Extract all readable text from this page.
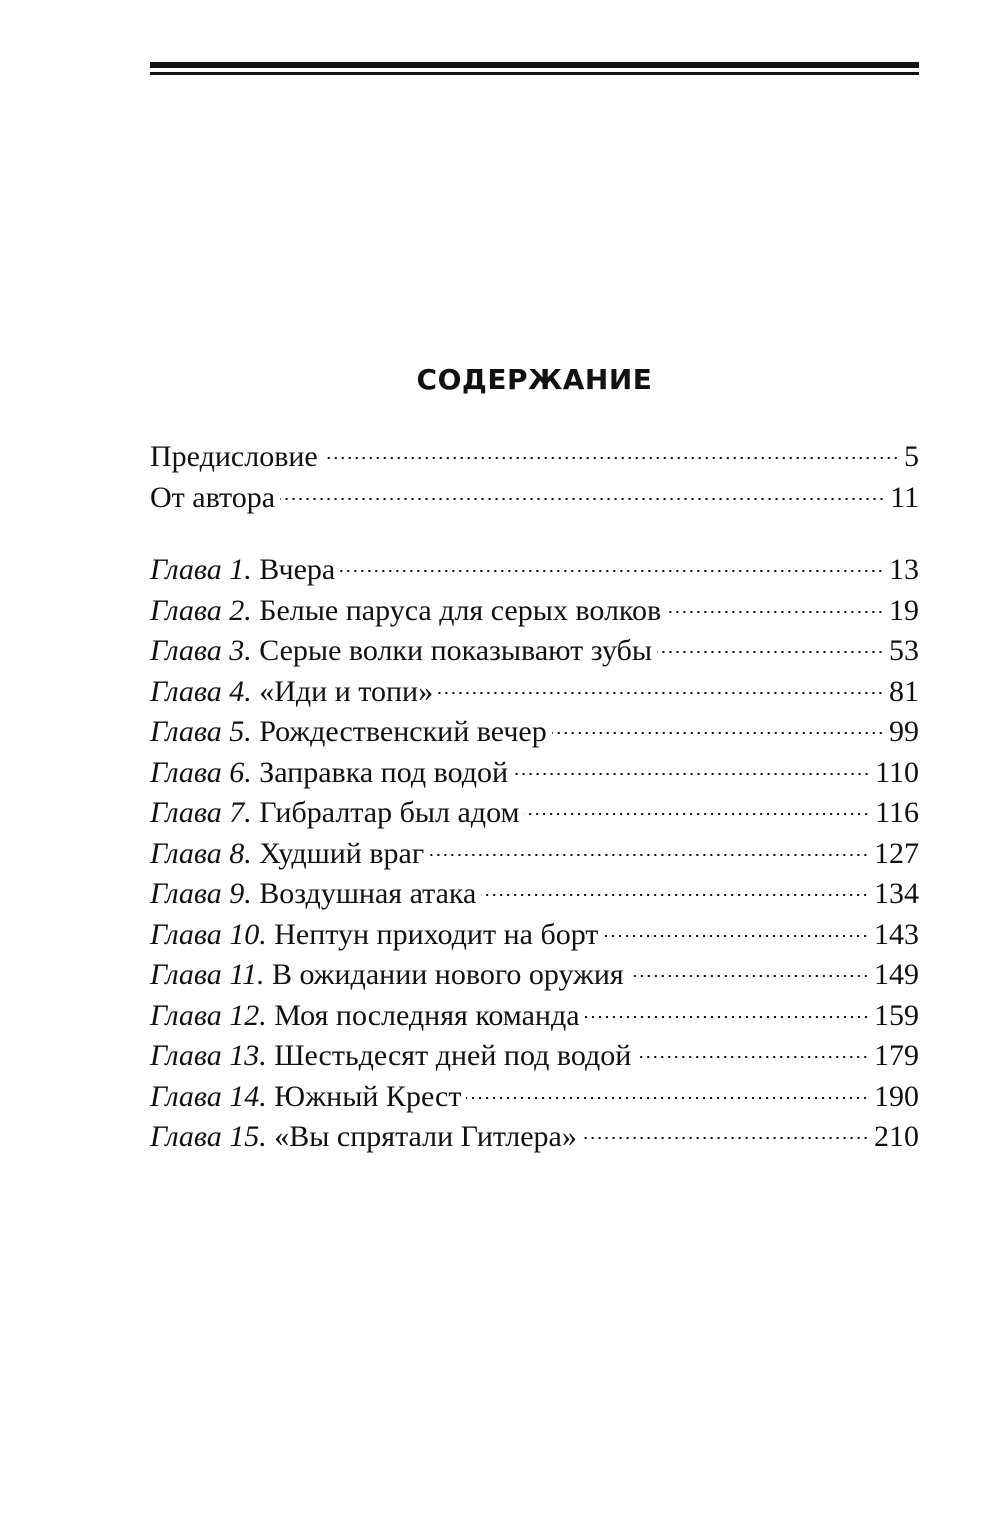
СОДЕРЖАНИЕ
Предисловие	5
От автора	11
Глава 1. Вчера	13
Глава 2. Белые паруса для серых волков	19
Глава 3. Серые волки показывают зубы	53
Глава 4. «Иди и топи»	81
Глава 5. Рождественский вечер	99
Глава 6. Заправка под водой	110
Глава 7. Гибралтар был адом	116
Глава 8. Худший враг	127
Глава 9. Воздушная атака	134
Глава 10. Нептун приходит на борт	143
Глава 11. В ожидании нового оружия	149
Глава 12. Моя последняя команда	159
Глава 13. Шестьдесят дней под водой	179
Глава 14. Южный Крест	190
Глава 15. «Вы спрятали Гитлера»	210
